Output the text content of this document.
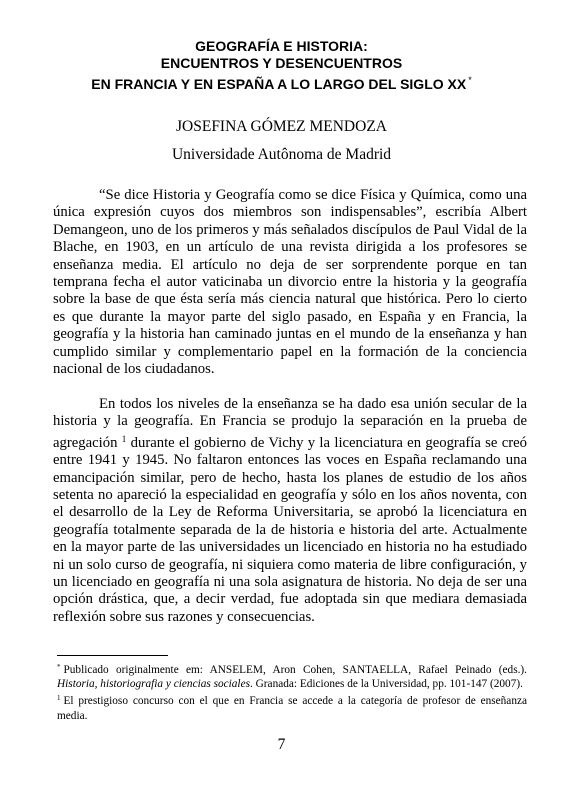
GEOGRAFÍA E HISTORIA:
ENCUENTROS Y DESENCUENTROS
EN FRANCIA Y EN ESPAÑA A LO LARGO DEL SIGLO XX *
JOSEFINA GÓMEZ MENDOZA
Universidade Autônoma de Madrid

“Se dice Historia y Geografía como se dice Física y Química, como una única expresión cuyos dos miembros son indispensables”, escribía Albert Demangeon, uno de los primeros y más señalados discípulos de Paul Vidal de la Blache, en 1903, en un artículo de una revista dirigida a los profesores se enseñanza media. El artículo no deja de ser sorprendente porque en tan temprana fecha el autor vaticinaba un divorcio entre la historia y la geografía sobre la base de que ésta sería más ciencia natural que histórica. Pero lo cierto es que durante la mayor parte del siglo pasado, en España y en Francia, la geografía y la historia han caminado juntas en el mundo de la enseñanza y han cumplido similar y complementario papel en la formación de la conciencia nacional de los ciudadanos.

En todos los niveles de la enseñanza se ha dado esa unión secular de la historia y la geografía. En Francia se produjo la separación en la prueba de agregación $^1$ durante el gobierno de Vichy y la licenciatura en geografía se creó entre 1941 y 1945. No faltaron entonces las voces en España reclamando una emancipación similar, pero de hecho, hasta los planes de estudio de los años setenta no apareció la especialidad en geografía y sólo en los años noventa, con el desarrollo de la Ley de Reforma Universitaria, se aprobó la licenciatura en geografía totalmente separada de la de historia e historia del arte. Actualmente en la mayor parte de las universidades un licenciado en historia no ha estudiado ni un solo curso de geografía, ni siquiera como materia de libre configuración, y un licenciado en geografía ni una sola asignatura de historia. No deja de ser una opción drástica, que, a decir verdad, fue adoptada sin que mediara demasiada reflexión sobre sus razones y consecuencias.

* Publicado originalmente em: ANSELEM, Aron Cohen, SANTAELLA, Rafael Peinado (eds.). Historia, historiografia y ciencias sociales. Granada: Ediciones de la Universidad, pp. 101-147 (2007).

$^1$ El prestigioso concurso con el que en Francia se accede a la categoría de profesor de enseñanza media.

7
